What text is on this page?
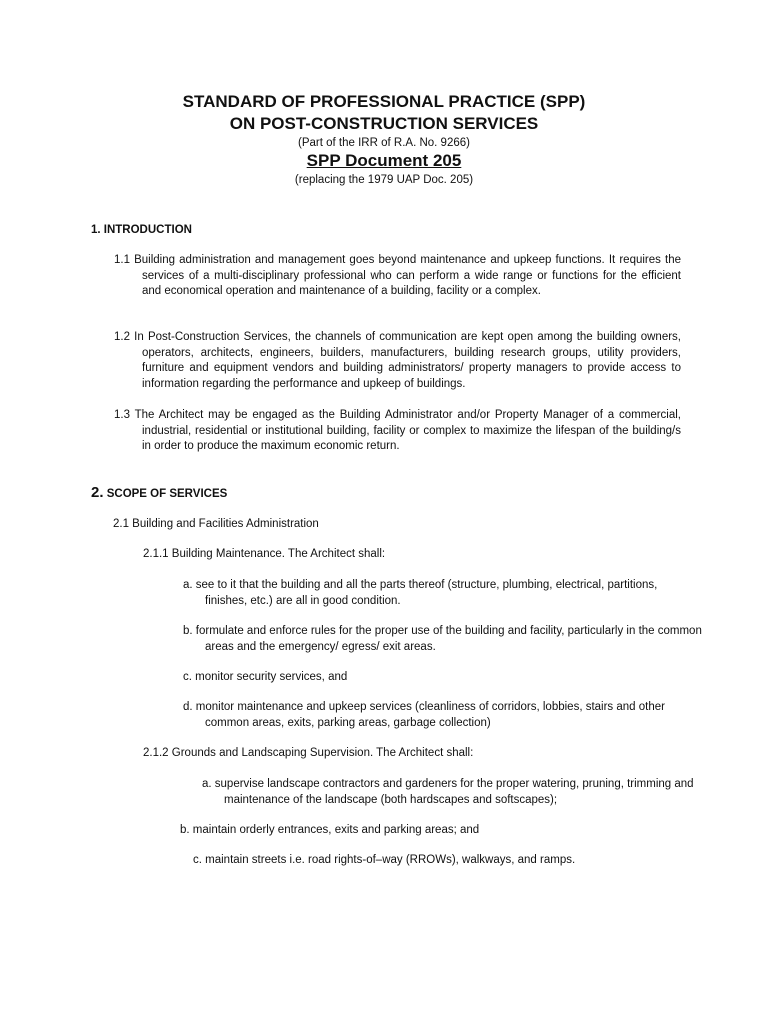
STANDARD OF PROFESSIONAL PRACTICE (SPP)

ON POST-CONSTRUCTION SERVICES

(Part of the IRR of R.A. No. 9266)

SPP Document 205

(replacing the 1979 UAP Doc. 205)

1. INTRODUCTION

1.1 Building administration and management goes beyond maintenance and upkeep functions. It requires the services of a multi-disciplinary professional who can perform a wide range or functions for the efficient and economical operation and maintenance of a building, facility or a complex.

1.2 In Post-Construction Services, the channels of communication are kept open among the building owners, operators, architects, engineers, builders, manufacturers, building research groups, utility providers, furniture and equipment vendors and building administrators/ property managers to provide access to information regarding the performance and upkeep of buildings.

1.3 The Architect may be engaged as the Building Administrator and/or Property Manager of a commercial, industrial, residential or institutional building, facility or complex to maximize the lifespan of the building/s in order to produce the maximum economic return.

2. SCOPE OF SERVICES

2.1 Building and Facilities Administration

2.1.1 Building Maintenance. The Architect shall:

a. see to it that the building and all the parts thereof (structure, plumbing, electrical, partitions, finishes, etc.) are all in good condition.

b. formulate and enforce rules for the proper use of the building and facility, particularly in the common areas and the emergency/ egress/ exit areas.

c. monitor security services, and

d. monitor maintenance and upkeep services (cleanliness of corridors, lobbies, stairs and other common areas, exits, parking areas, garbage collection)

2.1.2 Grounds and Landscaping Supervision. The Architect shall:

a. supervise landscape contractors and gardeners for the proper watering, pruning, trimming and maintenance of the landscape (both hardscapes and softscapes);

b. maintain orderly entrances, exits and parking areas; and

c. maintain streets i.e. road rights-of–way (RROWs), walkways, and ramps.
